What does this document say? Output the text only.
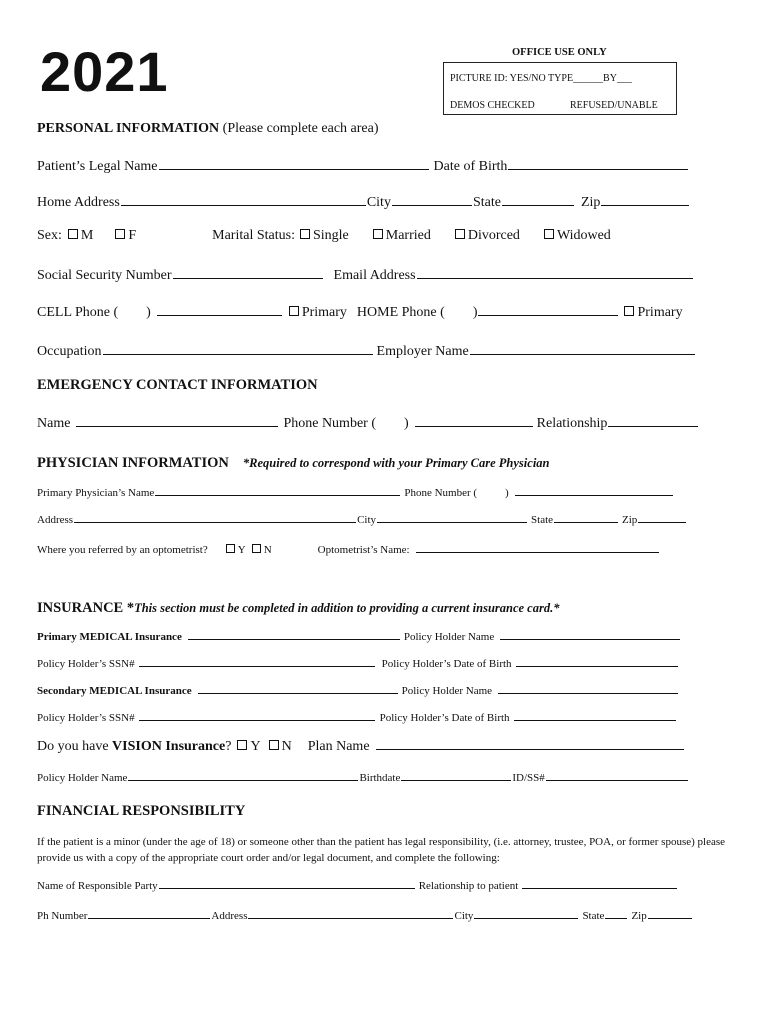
2021	OFFICE USE ONLY
PICTURE ID: YES/NO TYPE______BY___
DEMOS CHECKED	REFUSED/UNABLE
PERSONAL INFORMATION (Please complete each area)
Patient’s Legal Name	Date of Birth
Home Address	City	State	Zip
Sex: M	F	Marital Status: Single	Married	Divorced	Widowed
Social Security Number	Email Address
CELL Phone ( )	Primary HOME Phone ( )	Primary
Occupation	Employer Name
EMERGENCY CONTACT INFORMATION
Name	Phone Number ( )	Relationship
PHYSICIAN INFORMATION *Required to correspond with your Primary Care Physician
Primary Physician’s Name	Phone Number (	)
Address	City	State	Zip
Where you referred by an optometrist?	Y N	Optometrist’s Name:
INSURANCE * This section must be completed in addition to providing a current insurance card.*
Primary MEDICAL Insurance	Policy Holder Name
Policy Holder’s SSN#	Policy Holder’s Date of Birth
Secondary MEDICAL Insurance	Policy Holder Name
Policy Holder’s SSN#	Policy Holder’s Date of Birth
Do you have VISION Insurance ? Y N Plan Name
Policy Holder Name	Birthdate	ID/SS#
FINANCIAL RESPONSIBILITY
If the patient is a minor (under the age of 18) or someone other than the patient has legal responsibility, (i.e. attorney, trustee, POA, or former spouse) please provide us with a copy of the appropriate court order and/or legal document, and complete the following:
Name of Responsible Party	Relationship to patient
Ph Number	Address	City	State Zip
